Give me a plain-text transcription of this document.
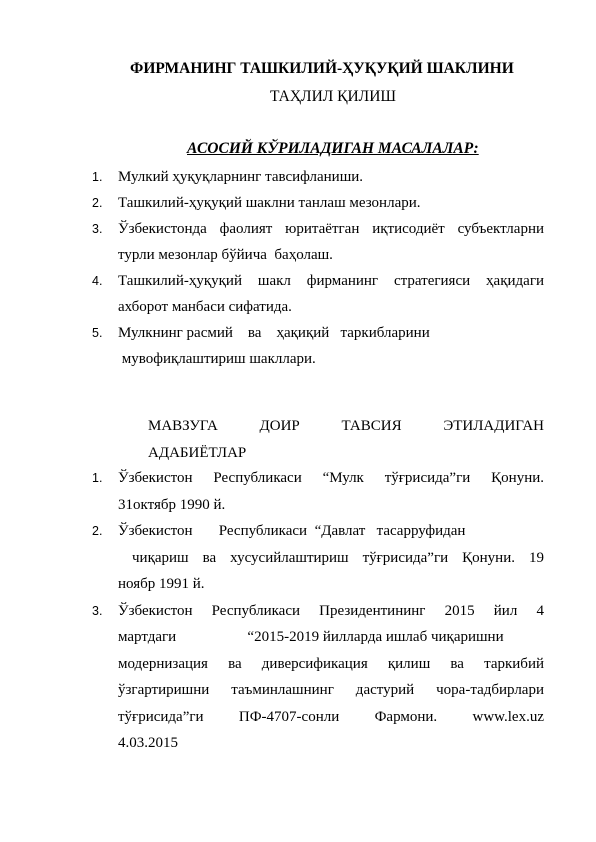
ФИРМАНИНГ ТАШКИЛИЙ-ҲУҚУҚИЙ ШАКЛИНИ
ТАҲЛИЛ ҚИЛИШ
АСОСИЙ КЎРИЛАДИГАН МАСАЛАЛАР:
1. Мулкий ҳуқуқларнинг тавсифланиши.
2. Ташкилий-ҳуқуқий шаклни танлаш мезонлари.
3. Ўзбекистонда фаолият юритаётган иқтисодиёт субъектларни
турли мезонлар бўйича  баҳолаш.
4. Ташкилий-ҳуқуқий шакл фирманинг стратегияси ҳақидаги
ахборот манбаси сифатида.
5. Мулкнинг расмий    ва    ҳақиқий   таркибларини
мувофиқлаштириш шакллари.
МАВЗУГА	ДОИР	ТАВСИЯ	ЭТИЛАДИГАН
АДАБИЁТЛАР
1. Ўзбекистон Республикаси “Мулк тўғрисида”ги Қонуни.
31октябр 1990 й.
2. Ўзбекистон       Республикаси  “Давлат   тасарруфидан
чиқариш ва хусусийлаштириш тўғрисида”ги Қонуни. 19
ноябр 1991 й.
3. Ўзбекистон Республикаси Президентининг 2015 йил 4
мартдаги                   “2015-2019 йилларда ишлаб чиқаришни
модернизация ва диверсификация қилиш ва таркибий
ўзгартиришни таъминлашнинг дастурий чора-тадбирлари
тўғрисида”ги ПФ-4707-сонли Фармони. www.lex.uz
4.03.2015
